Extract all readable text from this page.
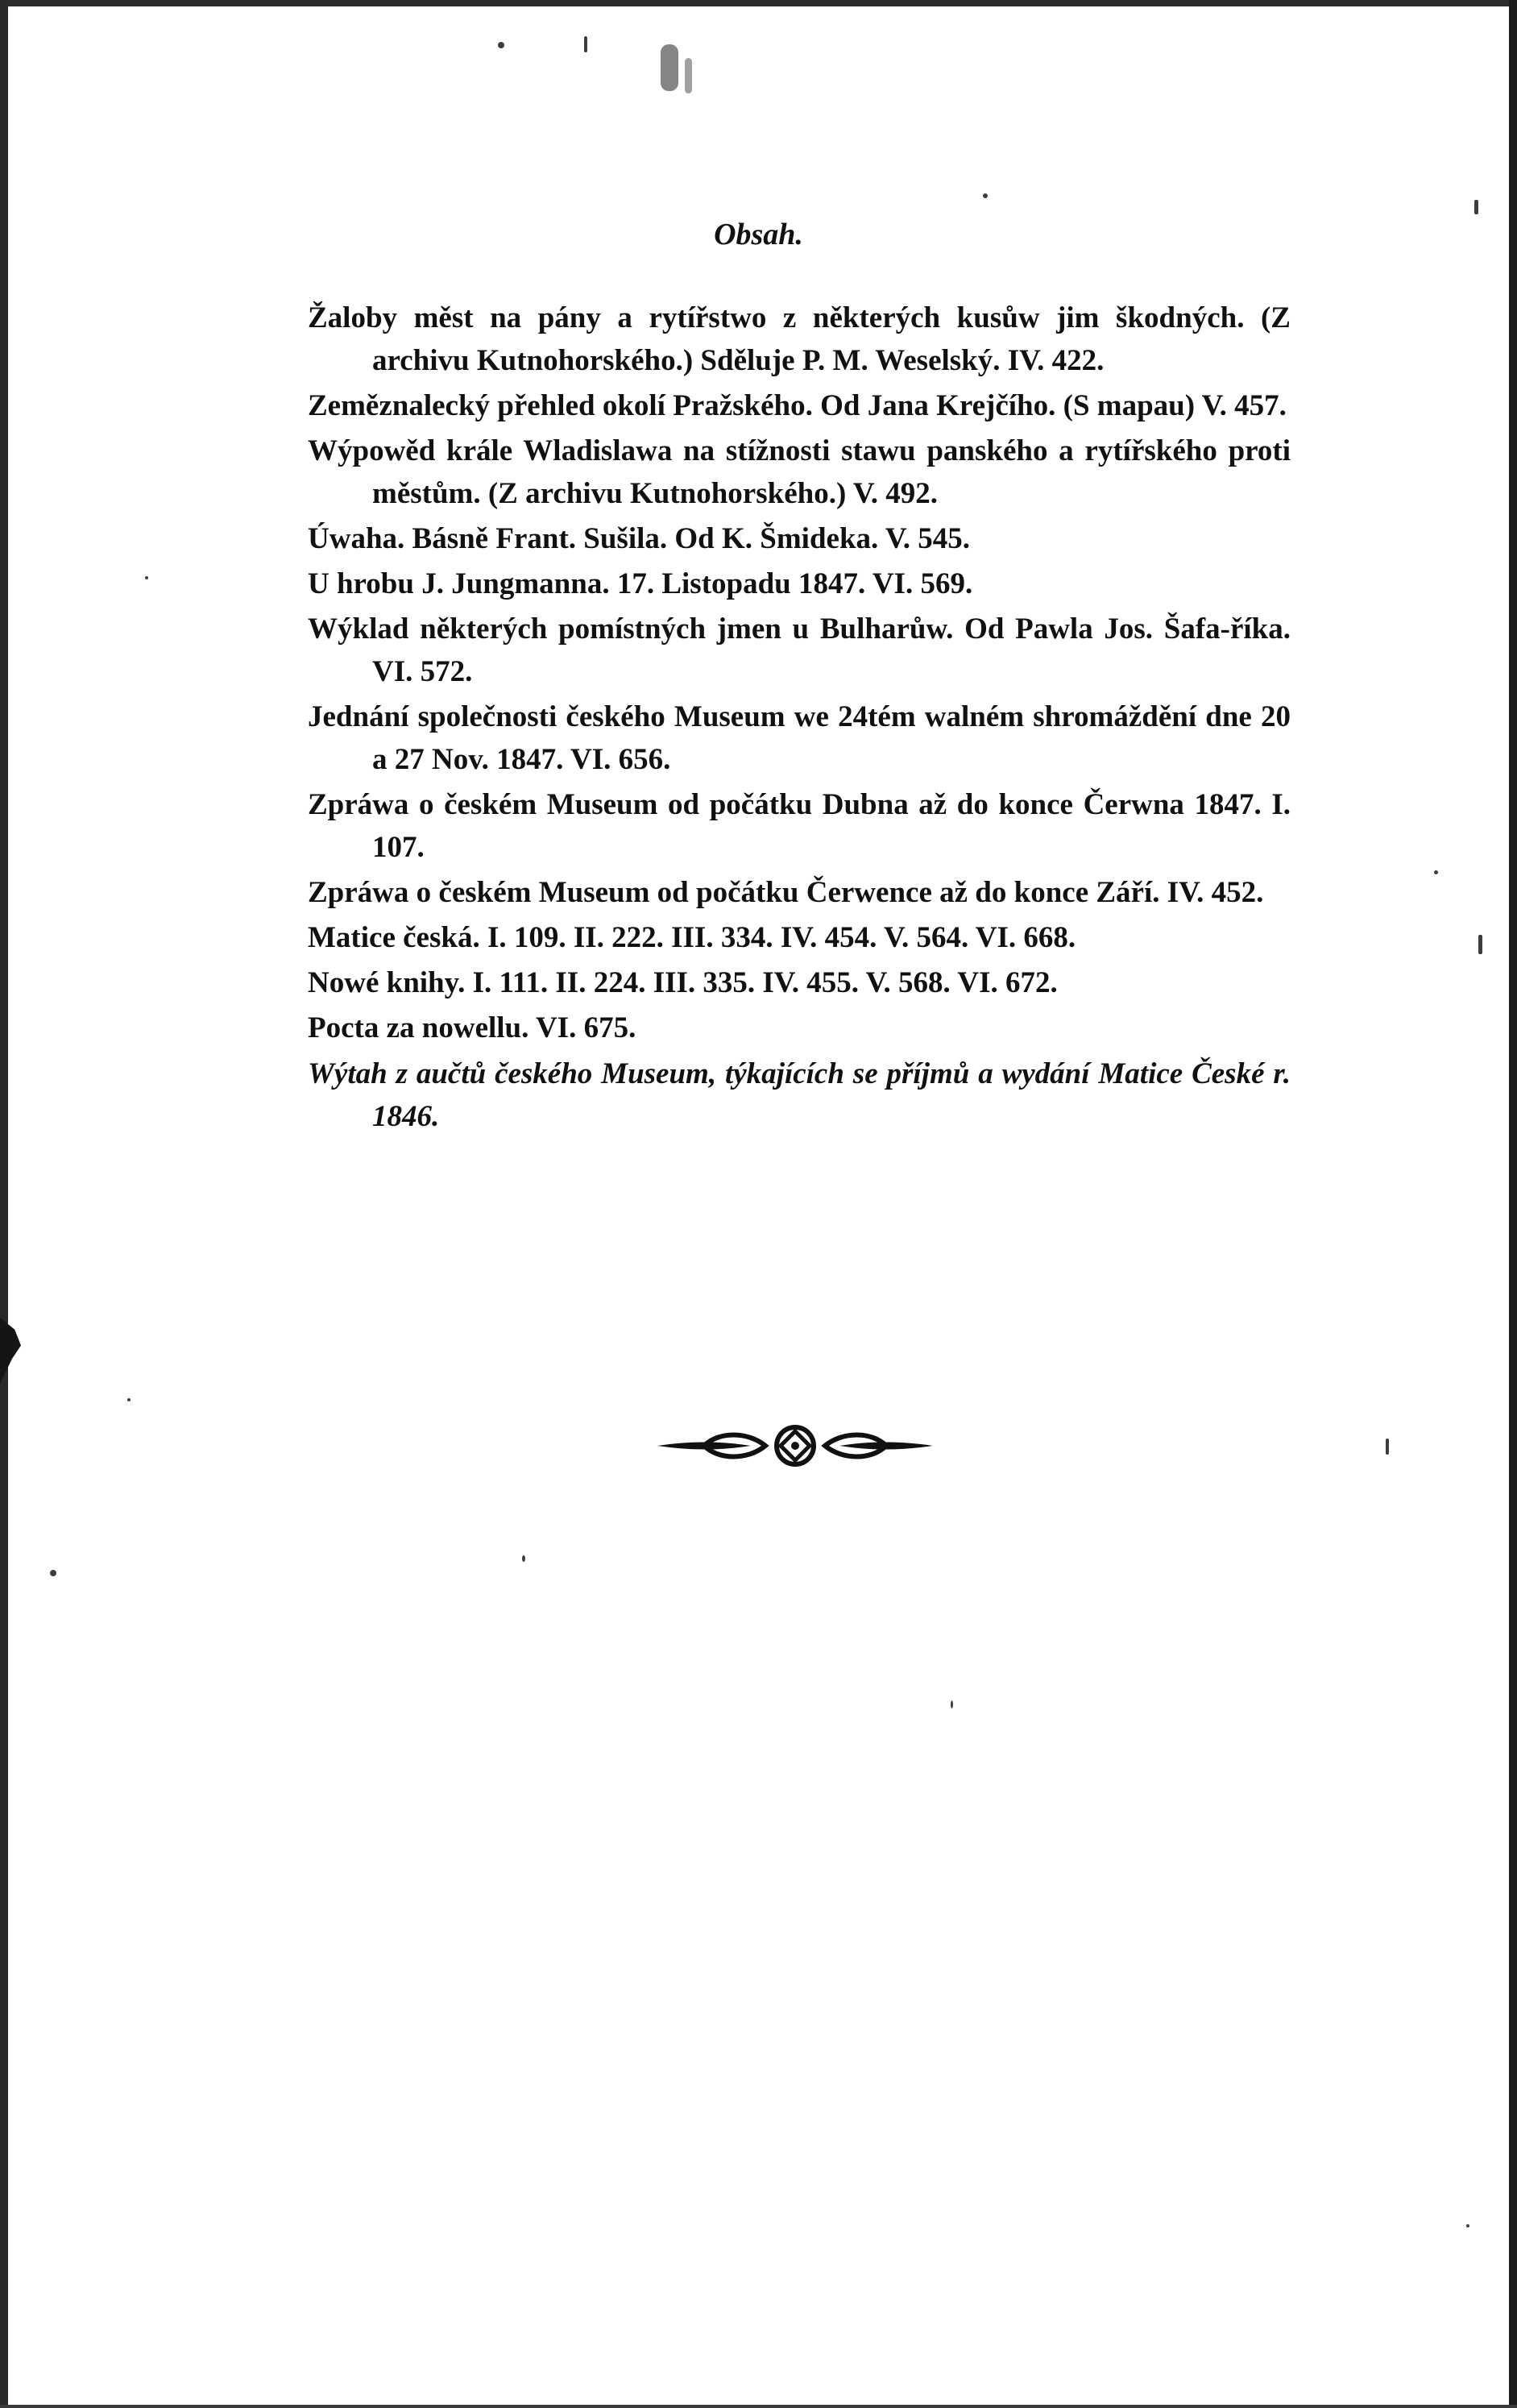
Obsah.

Žaloby měst na pány a rytířstwo z některých kusůw jim škodných. (Z archivu Kutnohorského.) Sděluje P. M. Weselský. IV. 422.

Zeměznalecký přehled okolí Pražského. Od Jana Krejčího. (S mapau) V. 457.

Wýpowěd krále Wladislawa na stížnosti stawu panského a rytířského proti městům. (Z archivu Kutnohorského.) V. 492.

Úwaha. Básně Frant. Sušila. Od K. Šmideka. V. 545.

U hrobu J. Jungmanna. 17. Listopadu 1847. VI. 569.

Wýklad některých pomístných jmen u Bulharůw. Od Pawla Jos. Šafa-říka. VI. 572.

Jednání společnosti českého Museum we 24tém walném shromáždění dne 20 a 27 Nov. 1847. VI. 656.

Zpráwa o českém Museum od počátku Dubna až do konce Čerwna 1847. I. 107.

Zpráwa o českém Museum od počátku Čerwence až do konce Září. IV. 452.

Matice česká. I. 109. II. 222. III. 334. IV. 454. V. 564. VI. 668.

Nowé knihy. I. 111. II. 224. III. 335. IV. 455. V. 568. VI. 672.

Pocta za nowellu. VI. 675.

Wýtah z aučtů českého Museum, týkajících se příjmů a wydání Matice České r. 1846.
